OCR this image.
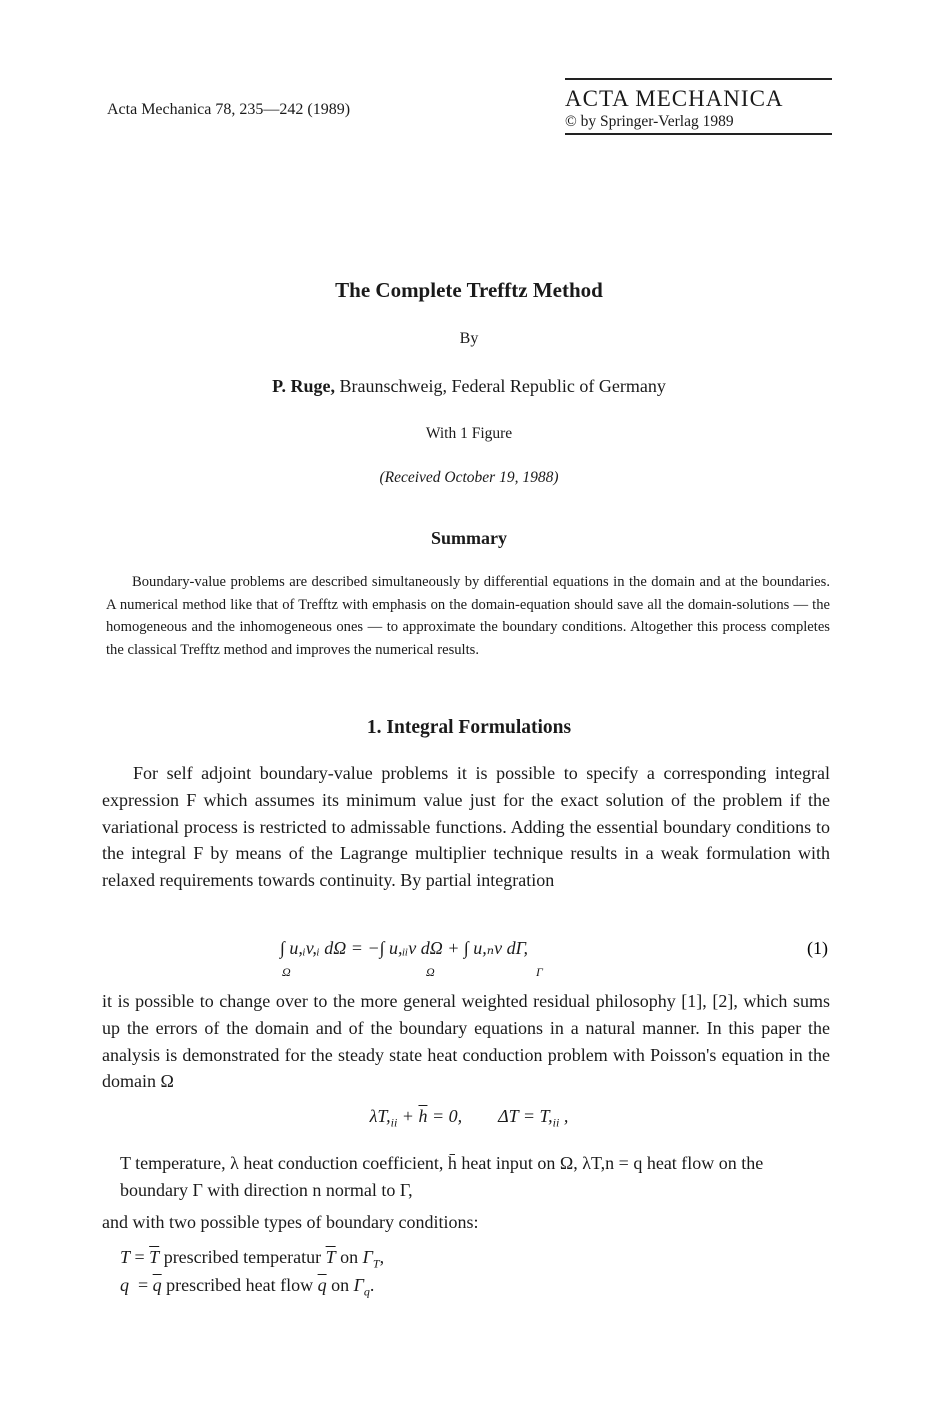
Acta Mechanica 78, 235—242 (1989)	ACTA MECHANICA
© by Springer-Verlag 1989
The Complete Trefftz Method
By
P. Ruge, Braunschweig, Federal Republic of Germany
With 1 Figure
(Received October 19, 1988)
Summary
Boundary-value problems are described simultaneously by differential equations in the domain and at the boundaries. A numerical method like that of Trefftz with emphasis on the domain-equation should save all the domain-solutions — the homogeneous and the inhomogeneous ones — to approximate the boundary conditions. Altogether this process completes the classical Trefftz method and improves the numerical results.
1. Integral Formulations
For self adjoint boundary-value problems it is possible to specify a corresponding integral expression F which assumes its minimum value just for the exact solution of the problem if the variational process is restricted to admissable functions. Adding the essential boundary conditions to the integral F by means of the Lagrange multiplier technique results in a weak formulation with relaxed requirements towards continuity. By partial integration
∫ u,ᵢv,ᵢ dΩ = −∫ u,ᵢᵢv dΩ + ∫ u,ₙv dΓ,
Ω	Ω	Γ
(1)
it is possible to change over to the more general weighted residual philosophy [1], [2], which sums up the errors of the domain and of the boundary equations in a natural manner. In this paper the analysis is demonstrated for the steady state heat conduction problem with Poisson's equation in the domain Ω
$\lambda T,_{ii} + \overline{h} = 0$,        $\Delta T = T,_{ii}$ ,
T temperature, λ heat conduction coefficient, h̄ heat input on Ω, λT,n = q heat flow on the boundary Γ with direction n normal to Γ,
and with two possible types of boundary conditions:
$T = \overline{T}$ prescribed temperatur $\overline{T}$ on $\Gamma_T$,
$q = \overline{q}$ prescribed heat flow $\overline{q}$ on $\Gamma_q$.
